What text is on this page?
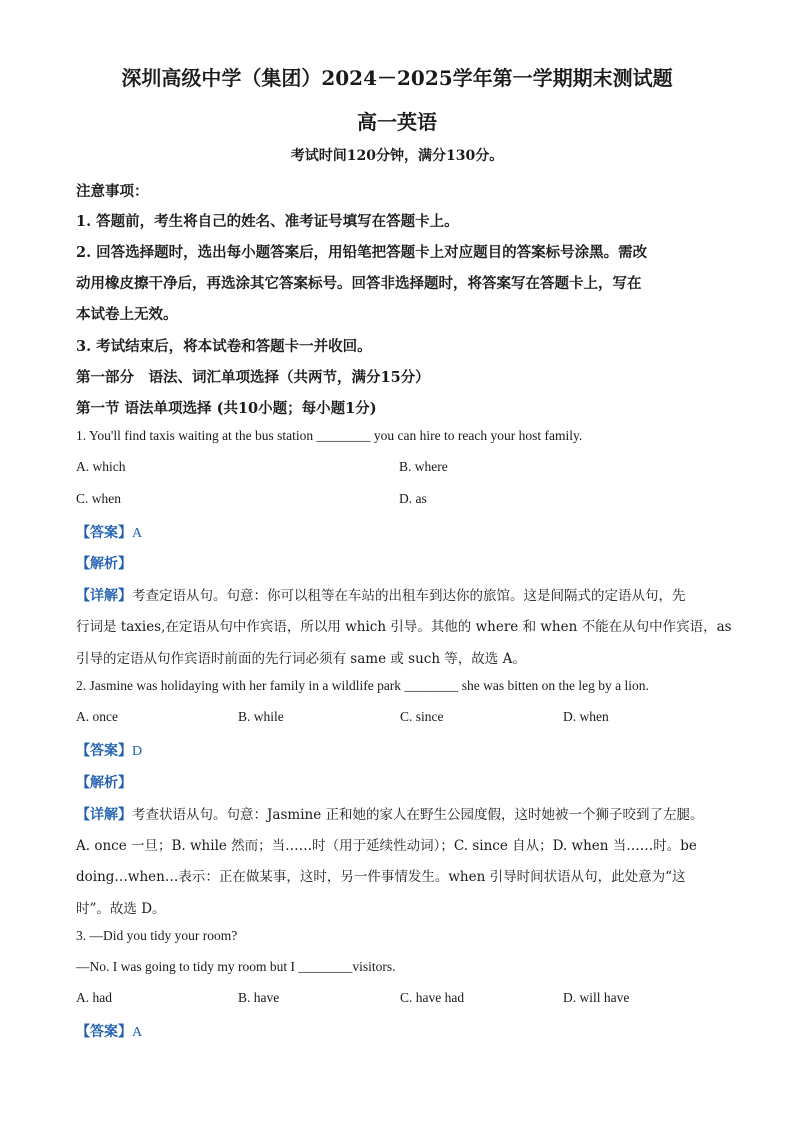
深圳高级中学（集团）2024－2025学年第一学期期末测试题
高一英语
考试时间120分钟，满分130分。
注意事项：
1. 答题前，考生将自己的姓名、准考证号填写在答题卡上。
2. 回答选择题时，选出每小题答案后，用铅笔把答题卡上对应题目的答案标号涂黑。需改
动用橡皮擦干净后，再选涂其它答案标号。回答非选择题时，将答案写在答题卡上，写在
本试卷上无效。
3. 考试结束后，将本试卷和答题卡一并收回。
第一部分　语法、词汇单项选择（共两节，满分15分）
第一节 语法单项选择 (共10小题；每小题1分)
1. You'll find taxis waiting at the bus station ________ you can hire to reach your host family.
A. which	B. where
C. when	D. as
【答案】A
【解析】
【详解】考查定语从句。句意：你可以租等在车站的出租车到达你的旅馆。这是间隔式的定语从句，先
行词是 taxies,在定语从句中作宾语，所以用 which 引导。其他的 where 和 when 不能在从句中作宾语，as
引导的定语从句作宾语时前面的先行词必须有 same 或 such 等，故选 A。
2. Jasmine was holidaying with her family in a wildlife park ________ she was bitten on the leg by a lion.
A. once	B. while	C. since	D. when
【答案】D
【解析】
【详解】考查状语从句。句意：Jasmine 正和她的家人在野生公园度假，这时她被一个狮子咬到了左腿。
A. once 一旦；B. while 然而；当……时（用于延续性动词）；C. since 自从；D. when 当……时。be
doing…when…表示：正在做某事，这时，另一件事情发生。when 引导时间状语从句，此处意为“这
时”。故选 D。
3. —Did you tidy your room?
—No. I was going to tidy my room but I ________visitors.
A. had	B. have	C. have had	D. will have
【答案】A
